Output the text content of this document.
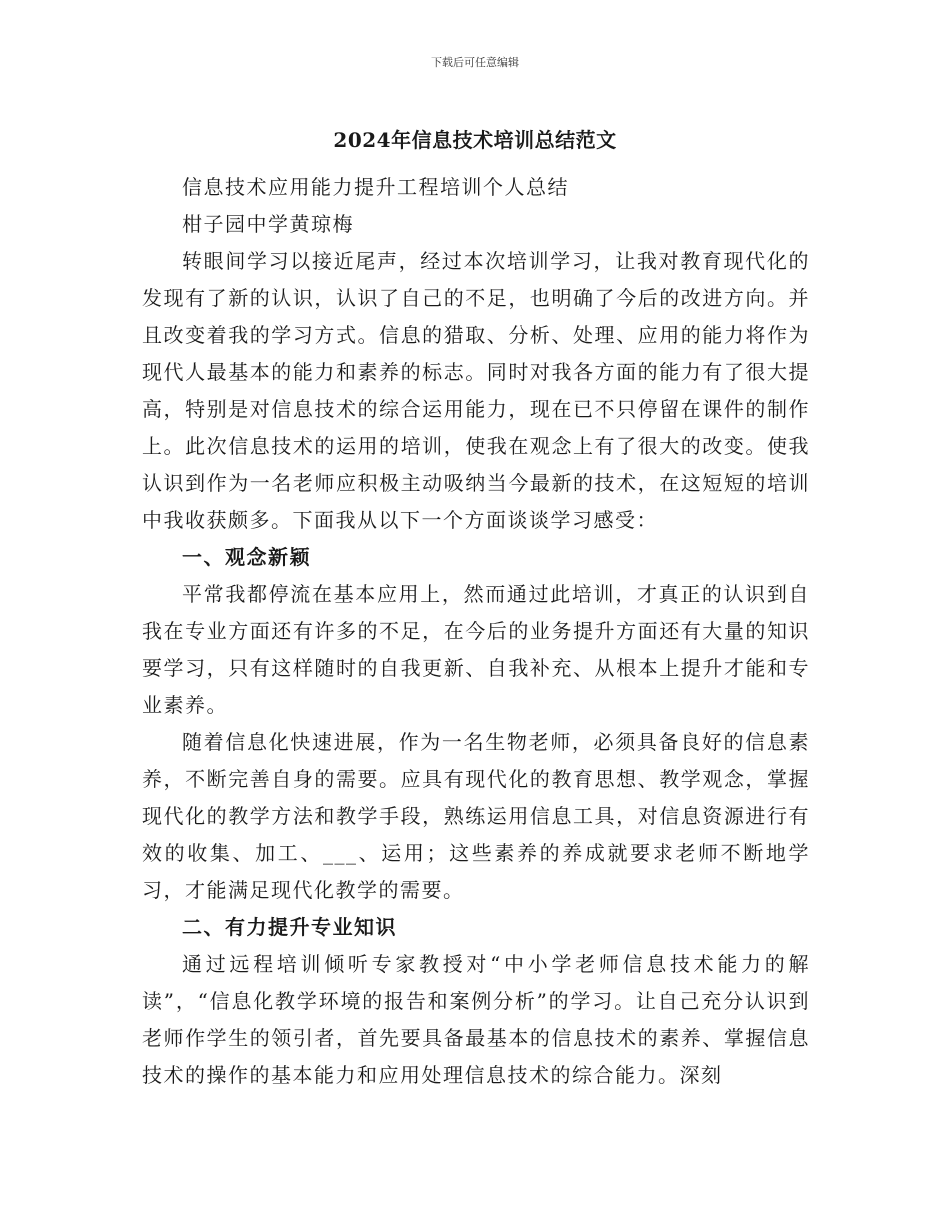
下载后可任意编辑
2024年信息技术培训总结范文

信息技术应用能力提升工程培训个人总结

柑子园中学黄琼梅

转眼间学习以接近尾声，经过本次培训学习，让我对教育现代化的发现有了新的认识，认识了自己的不足，也明确了今后的改进方向。并且改变着我的学习方式。信息的猎取、分析、处理、应用的能力将作为现代人最基本的能力和素养的标志。同时对我各方面的能力有了很大提高，特别是对信息技术的综合运用能力，现在已不只停留在课件的制作上。此次信息技术的运用的培训，使我在观念上有了很大的改变。使我认识到作为一名老师应积极主动吸纳当今最新的技术，在这短短的培训中我收获颇多。下面我从以下一个方面谈谈学习感受：

一、观念新颖

平常我都停流在基本应用上，然而通过此培训，才真正的认识到自我在专业方面还有许多的不足，在今后的业务提升方面还有大量的知识要学习，只有这样随时的自我更新、自我补充、从根本上提升才能和专业素养。

随着信息化快速进展，作为一名生物老师，必须具备良好的信息素养，不断完善自身的需要。应具有现代化的教育思想、教学观念，掌握现代化的教学方法和教学手段，熟练运用信息工具，对信息资源进行有效的收集、加工、___、运用；这些素养的养成就要求老师不断地学习，才能满足现代化教学的需要。

二、有力提升专业知识

通过远程培训倾听专家教授对“中小学老师信息技术能力的解读”，“信息化教学环境的报告和案例分析”的学习。让自己充分认识到老师作学生的领引者，首先要具备最基本的信息技术的素养、掌握信息技术的操作的基本能力和应用处理信息技术的综合能力。深刻
